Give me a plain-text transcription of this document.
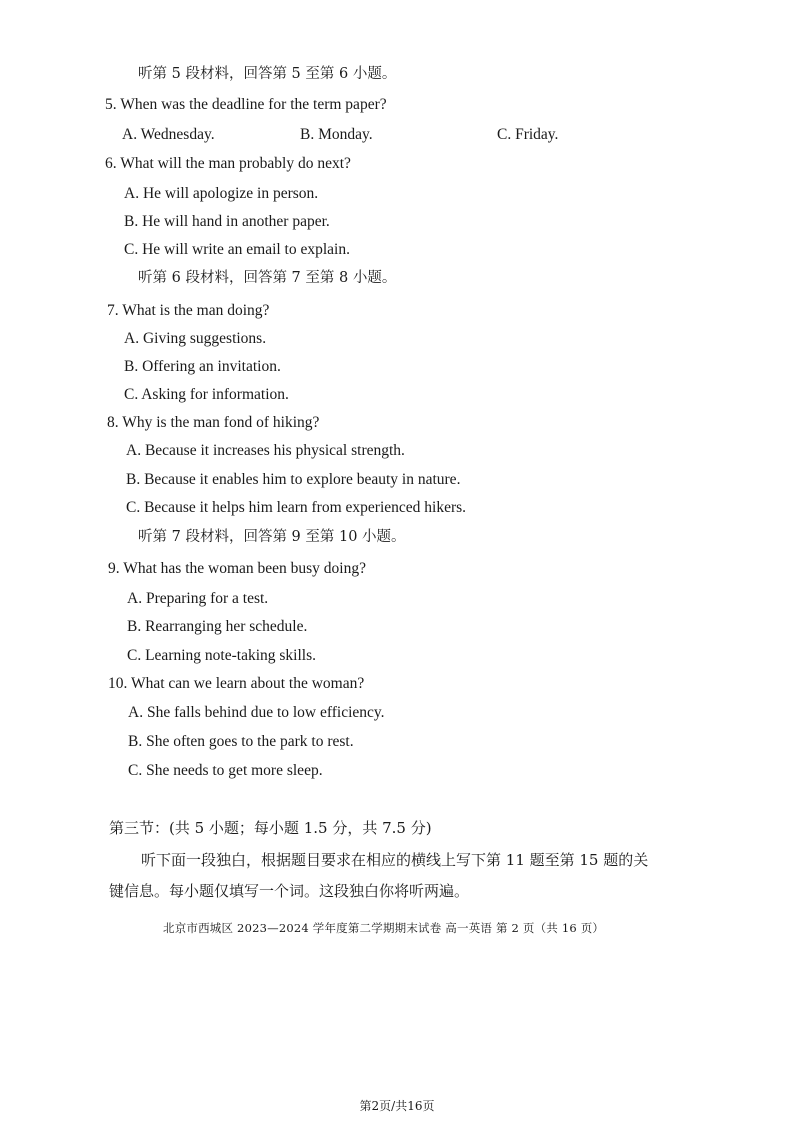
听第 5 段材料，回答第 5 至第 6 小题。
5. When was the deadline for the term paper?
A. Wednesday.	B. Monday.	C. Friday.
6. What will the man probably do next?
A. He will apologize in person.
B. He will hand in another paper.
C. He will write an email to explain.
听第 6 段材料，回答第 7 至第 8 小题。
7. What is the man doing?
A. Giving suggestions.
B. Offering an invitation.
C. Asking for information.
8. Why is the man fond of hiking?
A. Because it increases his physical strength.
B. Because it enables him to explore beauty in nature.
C. Because it helps him learn from experienced hikers.
听第 7 段材料，回答第 9 至第 10 小题。
9. What has the woman been busy doing?
A. Preparing for a test.
B. Rearranging her schedule.
C. Learning note-taking skills.
10. What can we learn about the woman?
A. She falls behind due to low efficiency.
B. She often goes to the park to rest.
C. She needs to get more sleep.
第三节：(共 5 小题；每小题 1.5 分，共 7.5 分)
听下面一段独白，根据题目要求在相应的横线上写下第 11 题至第 15 题的关
键信息。每小题仅填写一个词。这段独白你将听两遍。
北京市西城区 2023—2024 学年度第二学期期末试卷 高一英语 第 2 页（共 16 页）
第2页/共16页
